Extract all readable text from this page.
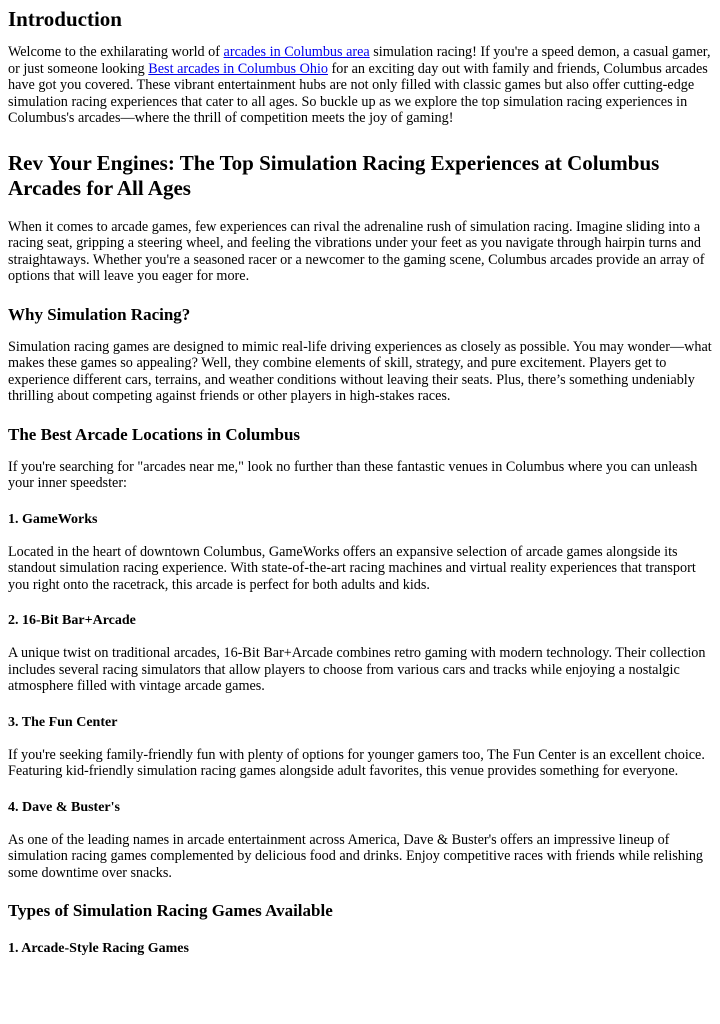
Introduction

Welcome to the exhilarating world of arcades in Columbus area simulation racing! If you're a speed demon, a casual gamer, or just someone looking Best arcades in Columbus Ohio for an exciting day out with family and friends, Columbus arcades have got you covered. These vibrant entertainment hubs are not only filled with classic games but also offer cutting-edge simulation racing experiences that cater to all ages. So buckle up as we explore the top simulation racing experiences in Columbus's arcades—where the thrill of competition meets the joy of gaming!

Rev Your Engines: The Top Simulation Racing Experiences at Columbus Arcades for All Ages

When it comes to arcade games, few experiences can rival the adrenaline rush of simulation racing. Imagine sliding into a racing seat, gripping a steering wheel, and feeling the vibrations under your feet as you navigate through hairpin turns and straightaways. Whether you're a seasoned racer or a newcomer to the gaming scene, Columbus arcades provide an array of options that will leave you eager for more.

Why Simulation Racing?

Simulation racing games are designed to mimic real-life driving experiences as closely as possible. You may wonder—what makes these games so appealing? Well, they combine elements of skill, strategy, and pure excitement. Players get to experience different cars, terrains, and weather conditions without leaving their seats. Plus, there’s something undeniably thrilling about competing against friends or other players in high-stakes races.

The Best Arcade Locations in Columbus

If you're searching for "arcades near me," look no further than these fantastic venues in Columbus where you can unleash your inner speedster:

1. GameWorks

Located in the heart of downtown Columbus, GameWorks offers an expansive selection of arcade games alongside its standout simulation racing experience. With state-of-the-art racing machines and virtual reality experiences that transport you right onto the racetrack, this arcade is perfect for both adults and kids.

2. 16-Bit Bar+Arcade

A unique twist on traditional arcades, 16-Bit Bar+Arcade combines retro gaming with modern technology. Their collection includes several racing simulators that allow players to choose from various cars and tracks while enjoying a nostalgic atmosphere filled with vintage arcade games.

3. The Fun Center

If you're seeking family-friendly fun with plenty of options for younger gamers too, The Fun Center is an excellent choice. Featuring kid-friendly simulation racing games alongside adult favorites, this venue provides something for everyone.

4. Dave & Buster's

As one of the leading names in arcade entertainment across America, Dave & Buster's offers an impressive lineup of simulation racing games complemented by delicious food and drinks. Enjoy competitive races with friends while relishing some downtime over snacks.

Types of Simulation Racing Games Available
1. Arcade-Style Racing Games
